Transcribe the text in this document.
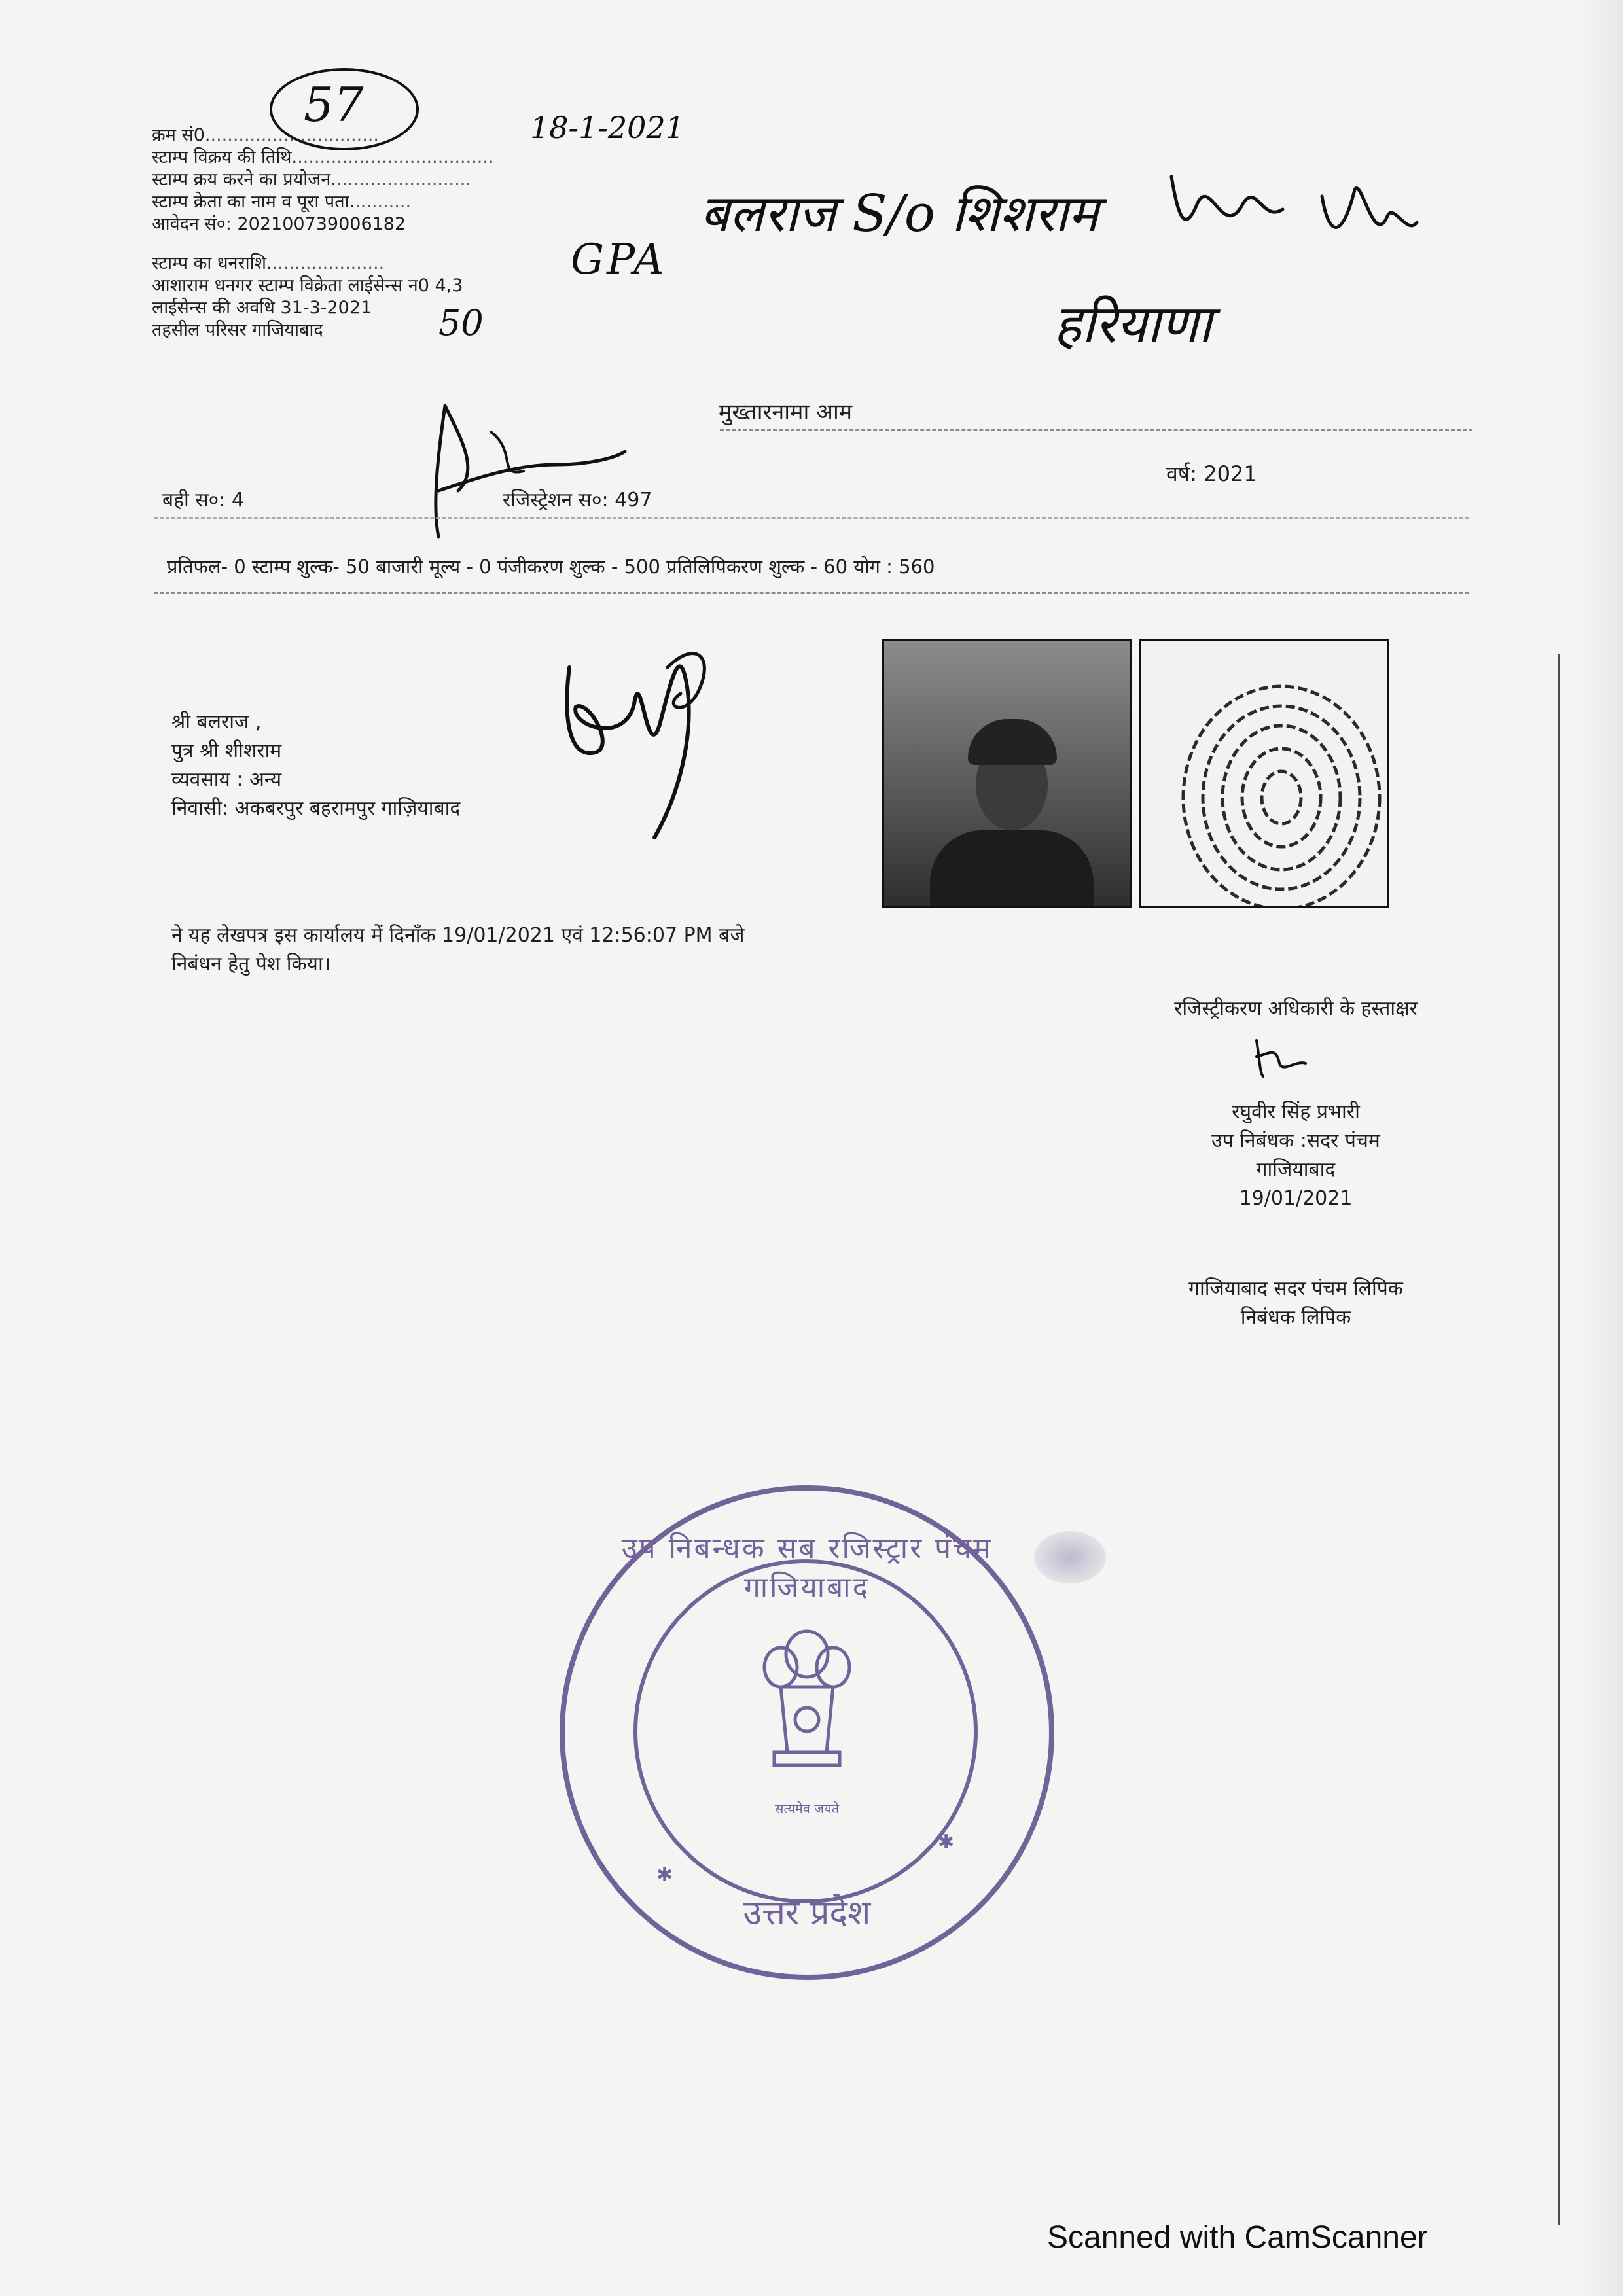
क्रम सं0...............................
स्टाम्प विक्रय की तिथि....................................
स्टाम्प क्रय करने का प्रयोजन.........................
स्टाम्प क्रेता का नाम व पूरा पता...........
आवेदन सं०: 202100739006182
स्टाम्प का धनराशि.....................
आशाराम धनगर स्टाम्प विक्रेता लाईसेन्स न0 4,3
लाईसेन्स की अवधि 31-3-2021
तहसील परिसर गाजियाबाद
18-1-2021
GPA
50
57
बलराज S/o शिशराम
हरियाणा
मुख्तारनामा आम
बही स०: 4	रजिस्ट्रेशन स०: 497
वर्ष: 2021
प्रतिफल- 0 स्टाम्प शुल्क- 50 बाजारी मूल्य - 0 पंजीकरण शुल्क - 500 प्रतिलिपिकरण शुल्क - 60 योग : 560
श्री बलराज ,
पुत्र श्री शीशराम
व्यवसाय : अन्य
निवासी: अकबरपुर बहरामपुर गाज़ियाबाद
ने यह लेखपत्र इस कार्यालय में दिनाँक 19/01/2021 एवं 12:56:07 PM बजे
निबंधन हेतु पेश किया।
रजिस्ट्रीकरण अधिकारी के हस्ताक्षर
रघुवीर सिंह प्रभारी
उप निबंधक :सदर पंचम
गाजियाबाद
19/01/2021
गाजियाबाद सदर पंचम लिपिक
निबंधक लिपिक
उप निबन्धक सब रजिस्ट्रार पंचम गाजियाबाद
सत्यमेव जयते
✱
✱
उत्तर प्रदेश
Scanned with CamScanner
